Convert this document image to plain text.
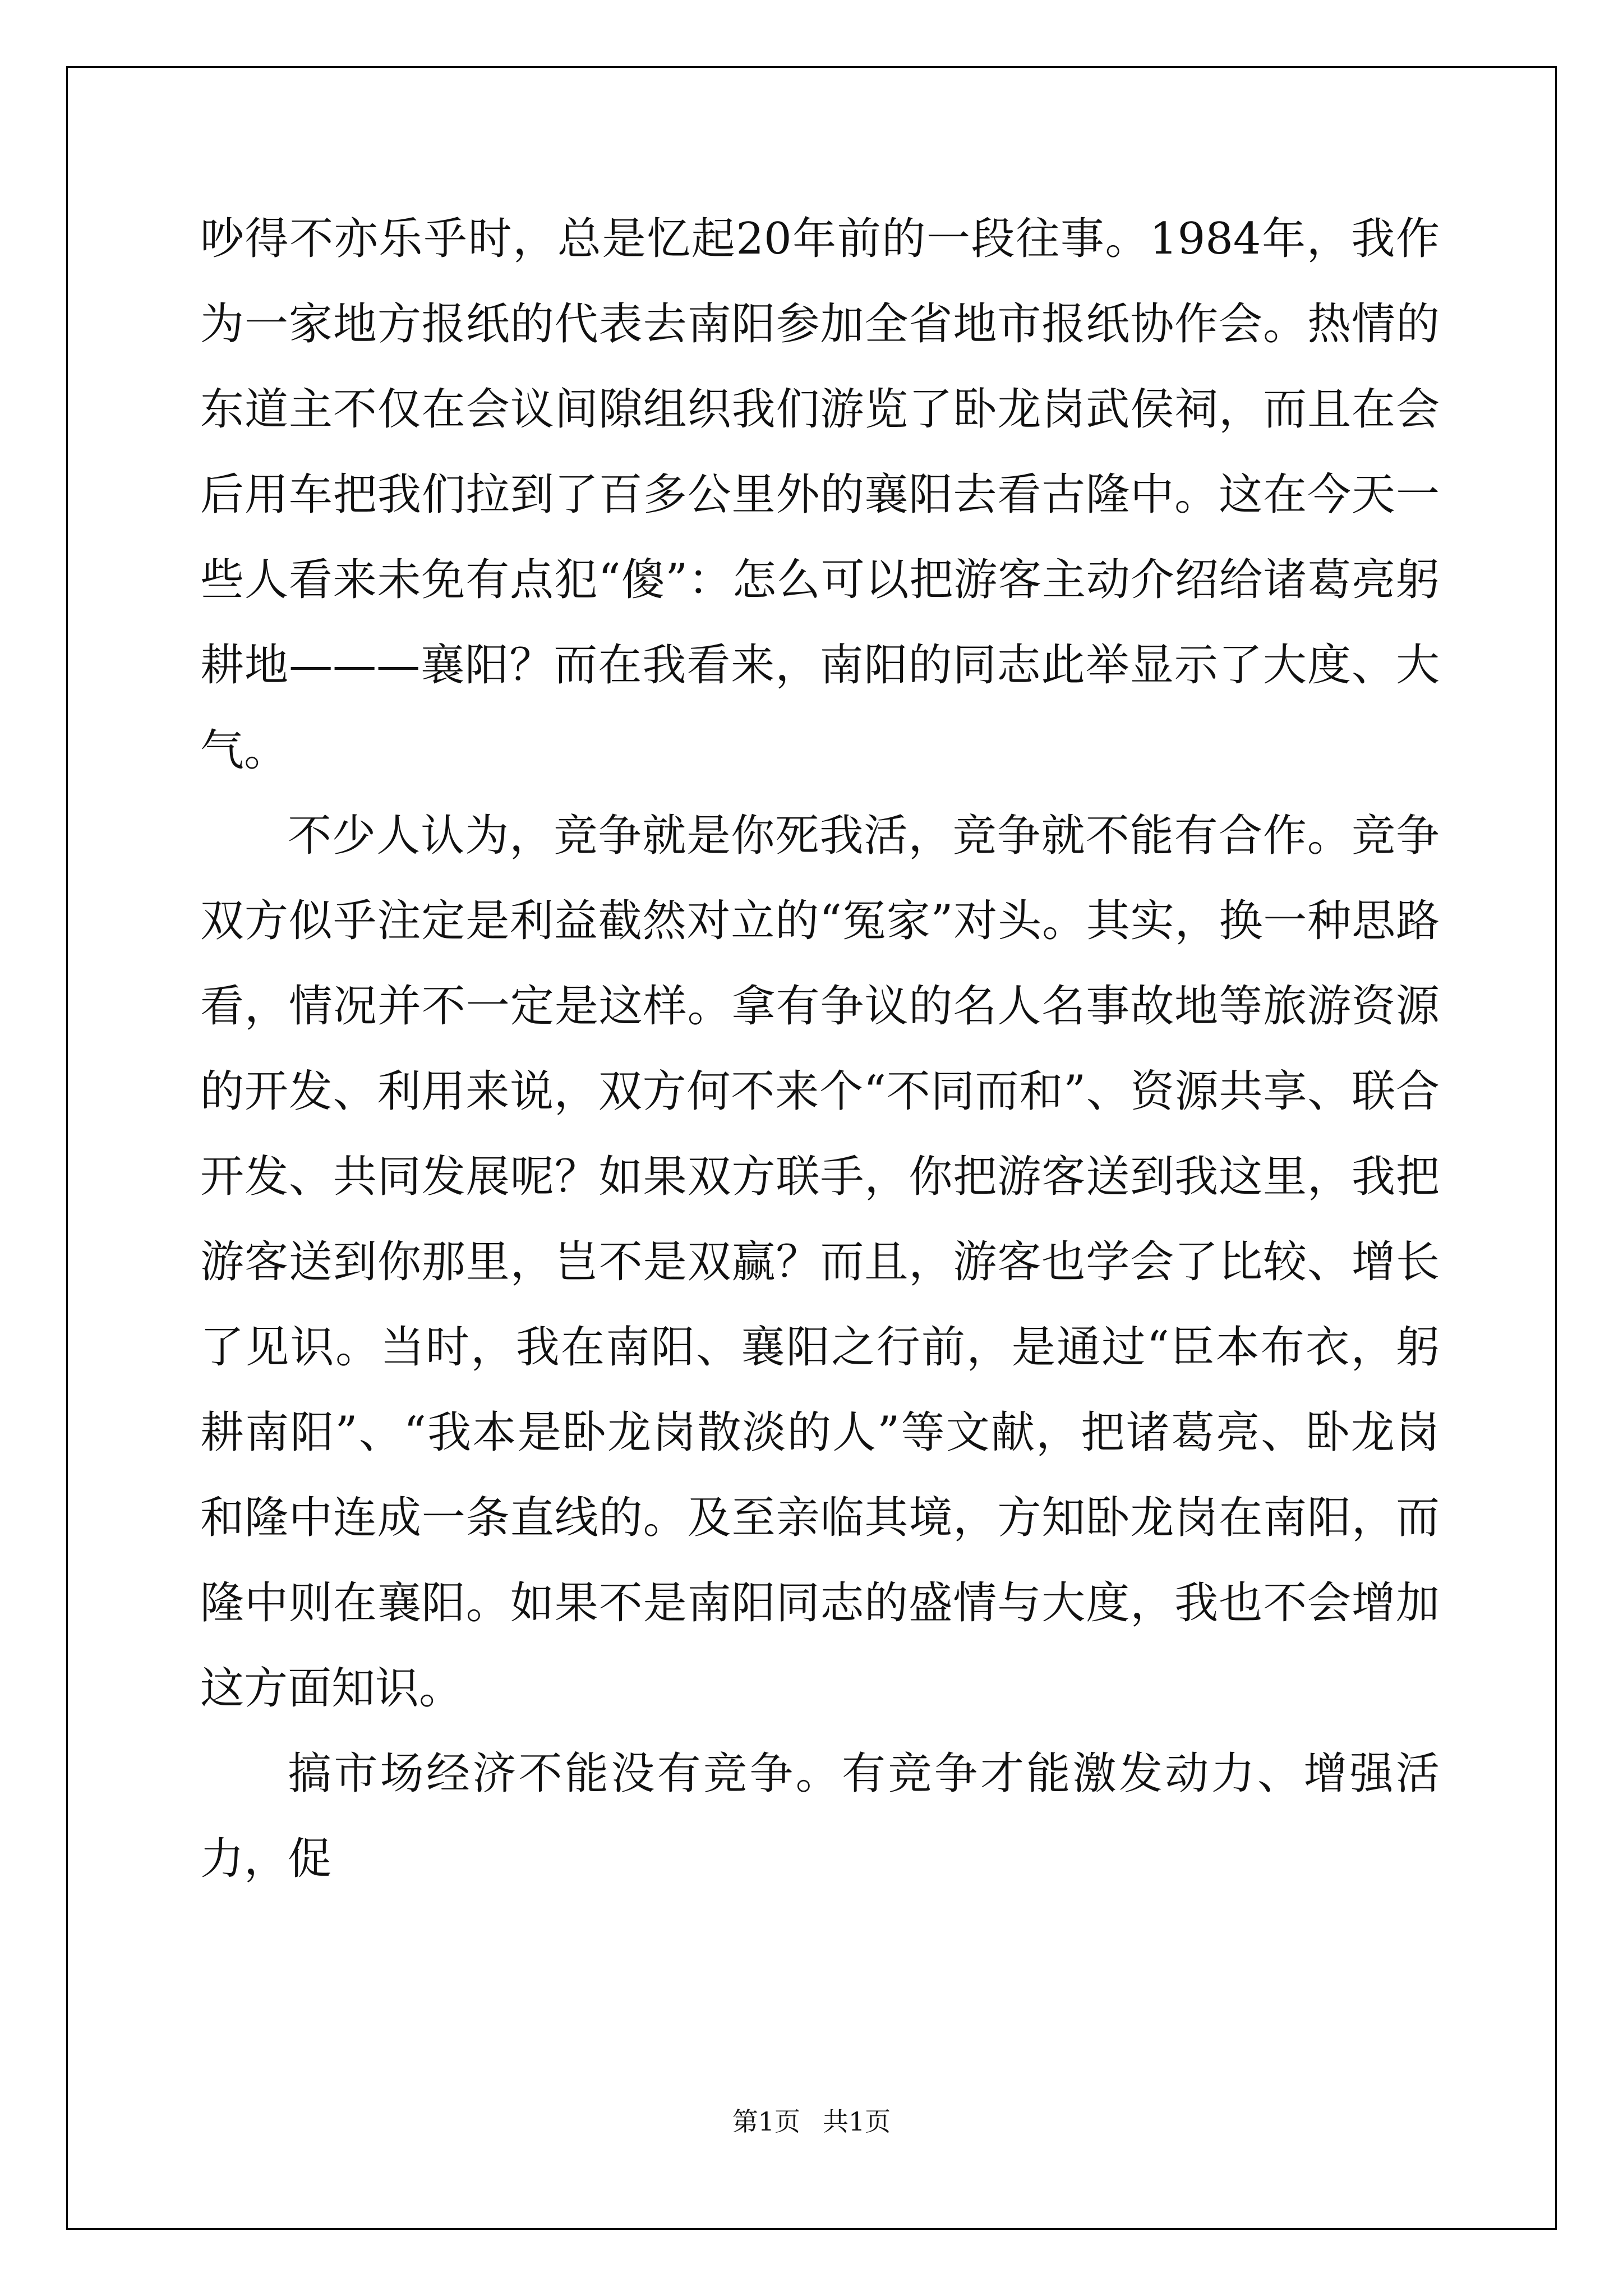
吵得不亦乐乎时，总是忆起20年前的一段往事。1984年，我作为一家地方报纸的代表去南阳参加全省地市报纸协作会。热情的东道主不仅在会议间隙组织我们游览了卧龙岗武侯祠，而且在会后用车把我们拉到了百多公里外的襄阳去看古隆中。这在今天一些人看来未免有点犯“傻”：怎么可以把游客主动介绍给诸葛亮躬耕地———襄阳？而在我看来，南阳的同志此举显示了大度、大气。

不少人认为，竞争就是你死我活，竞争就不能有合作。竞争双方似乎注定是利益截然对立的“冤家”对头。其实，换一种思路看，情况并不一定是这样。拿有争议的名人名事故地等旅游资源的开发、利用来说，双方何不来个“不同而和”、资源共享、联合开发、共同发展呢？如果双方联手，你把游客送到我这里，我把游客送到你那里，岂不是双赢？而且，游客也学会了比较、增长了见识。当时，我在南阳、襄阳之行前，是通过“臣本布衣，躬耕南阳”、“我本是卧龙岗散淡的人”等文献，把诸葛亮、卧龙岗和隆中连成一条直线的。及至亲临其境，方知卧龙岗在南阳，而隆中则在襄阳。如果不是南阳同志的盛情与大度，我也不会增加这方面知识。

搞市场经济不能没有竞争。有竞争才能激发动力、增强活力，促

第1页 共1页
